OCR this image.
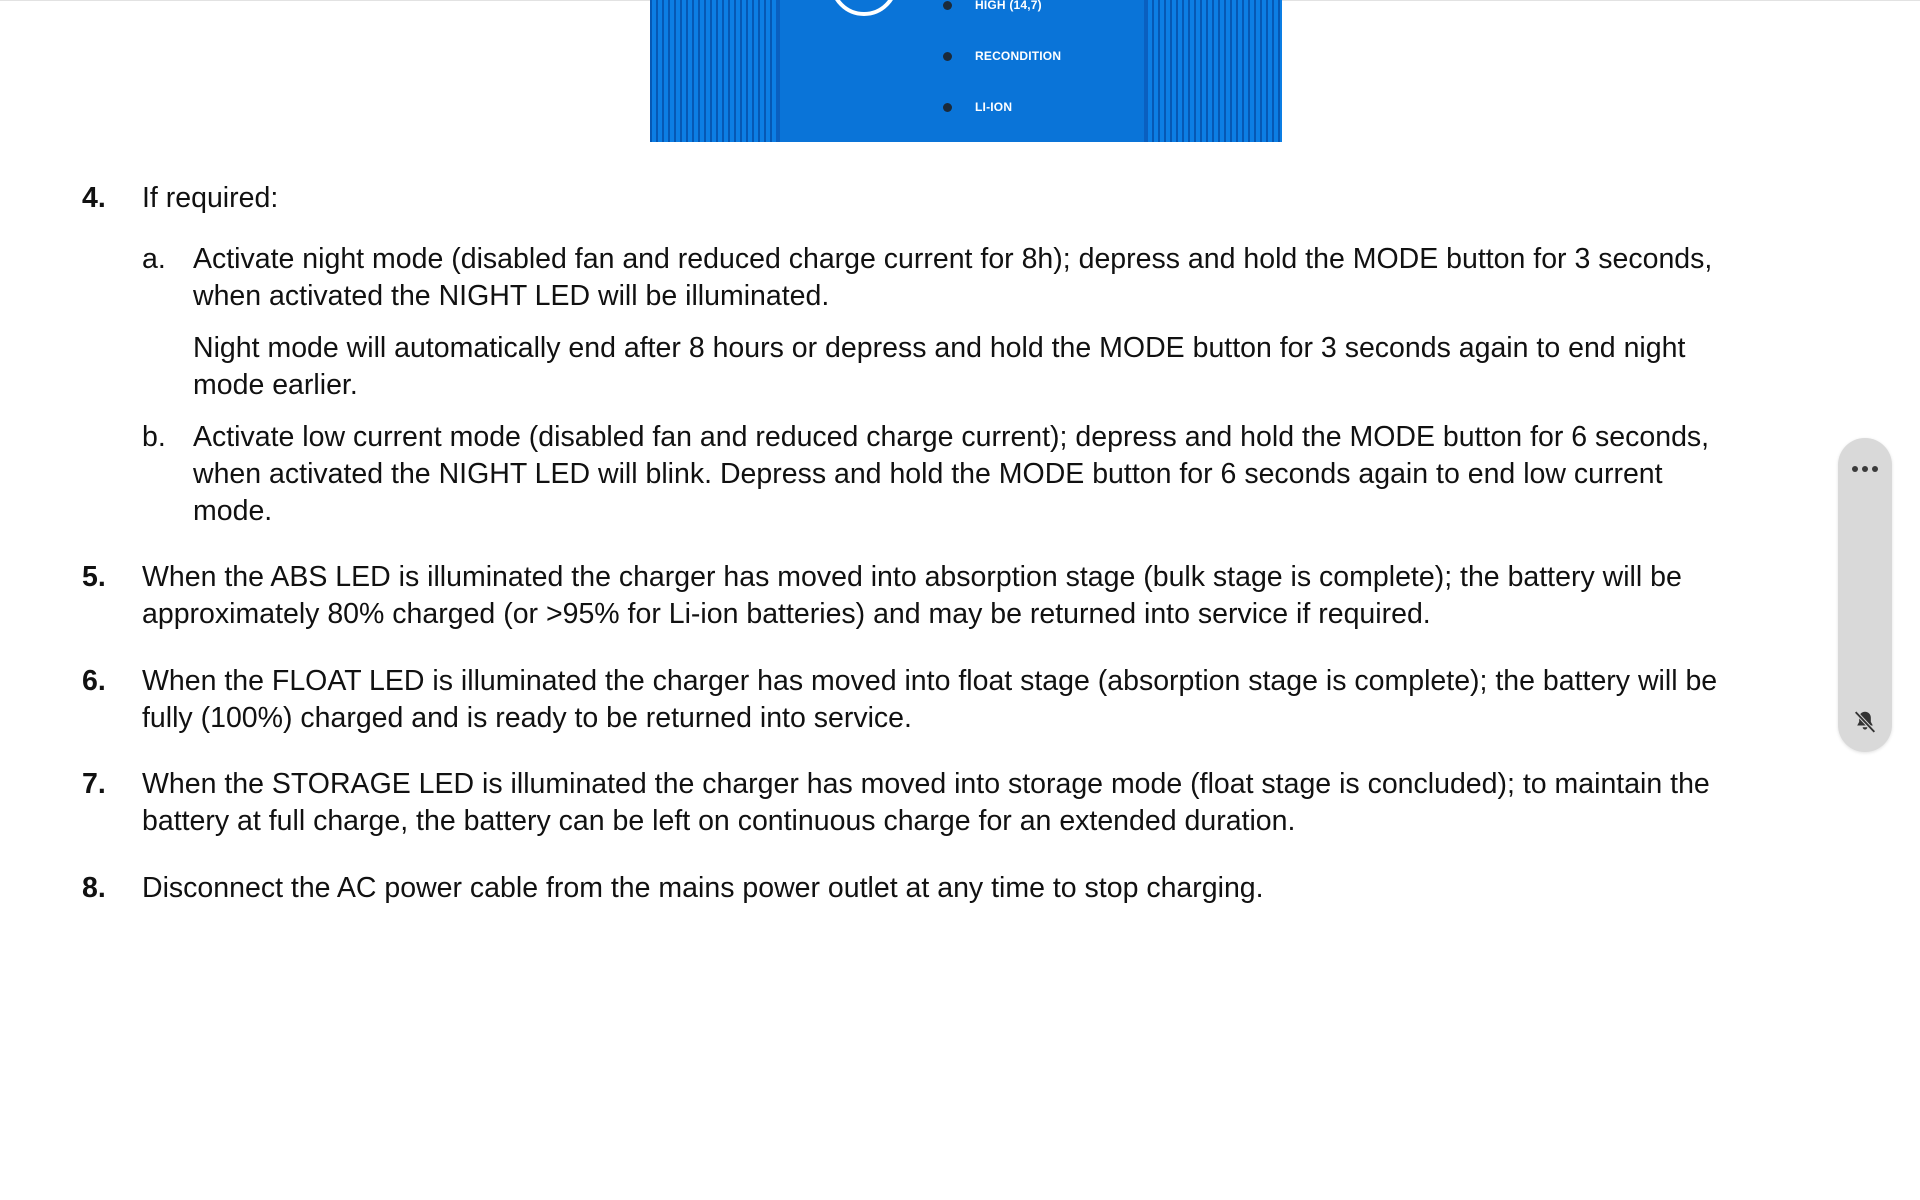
HIGH (14,7)
RECONDITION
LI-ION
4. If required:
a. Activate night mode (disabled fan and reduced charge current for 8h); depress and hold the MODE button for 3 seconds,
when activated the NIGHT LED will be illuminated.
Night mode will automatically end after 8 hours or depress and hold the MODE button for 3 seconds again to end night
mode earlier.
b. Activate low current mode (disabled fan and reduced charge current); depress and hold the MODE button for 6 seconds,
when activated the NIGHT LED will blink. Depress and hold the MODE button for 6 seconds again to end low current
mode.
5. When the ABS LED is illuminated the charger has moved into absorption stage (bulk stage is complete); the battery will be
approximately 80% charged (or >95% for Li-ion batteries) and may be returned into service if required.
6. When the FLOAT LED is illuminated the charger has moved into float stage (absorption stage is complete); the battery will be
fully (100%) charged and is ready to be returned into service.
7. When the STORAGE LED is illuminated the charger has moved into storage mode (float stage is concluded); to maintain the
battery at full charge, the battery can be left on continuous charge for an extended duration.
8. Disconnect the AC power cable from the mains power outlet at any time to stop charging.
